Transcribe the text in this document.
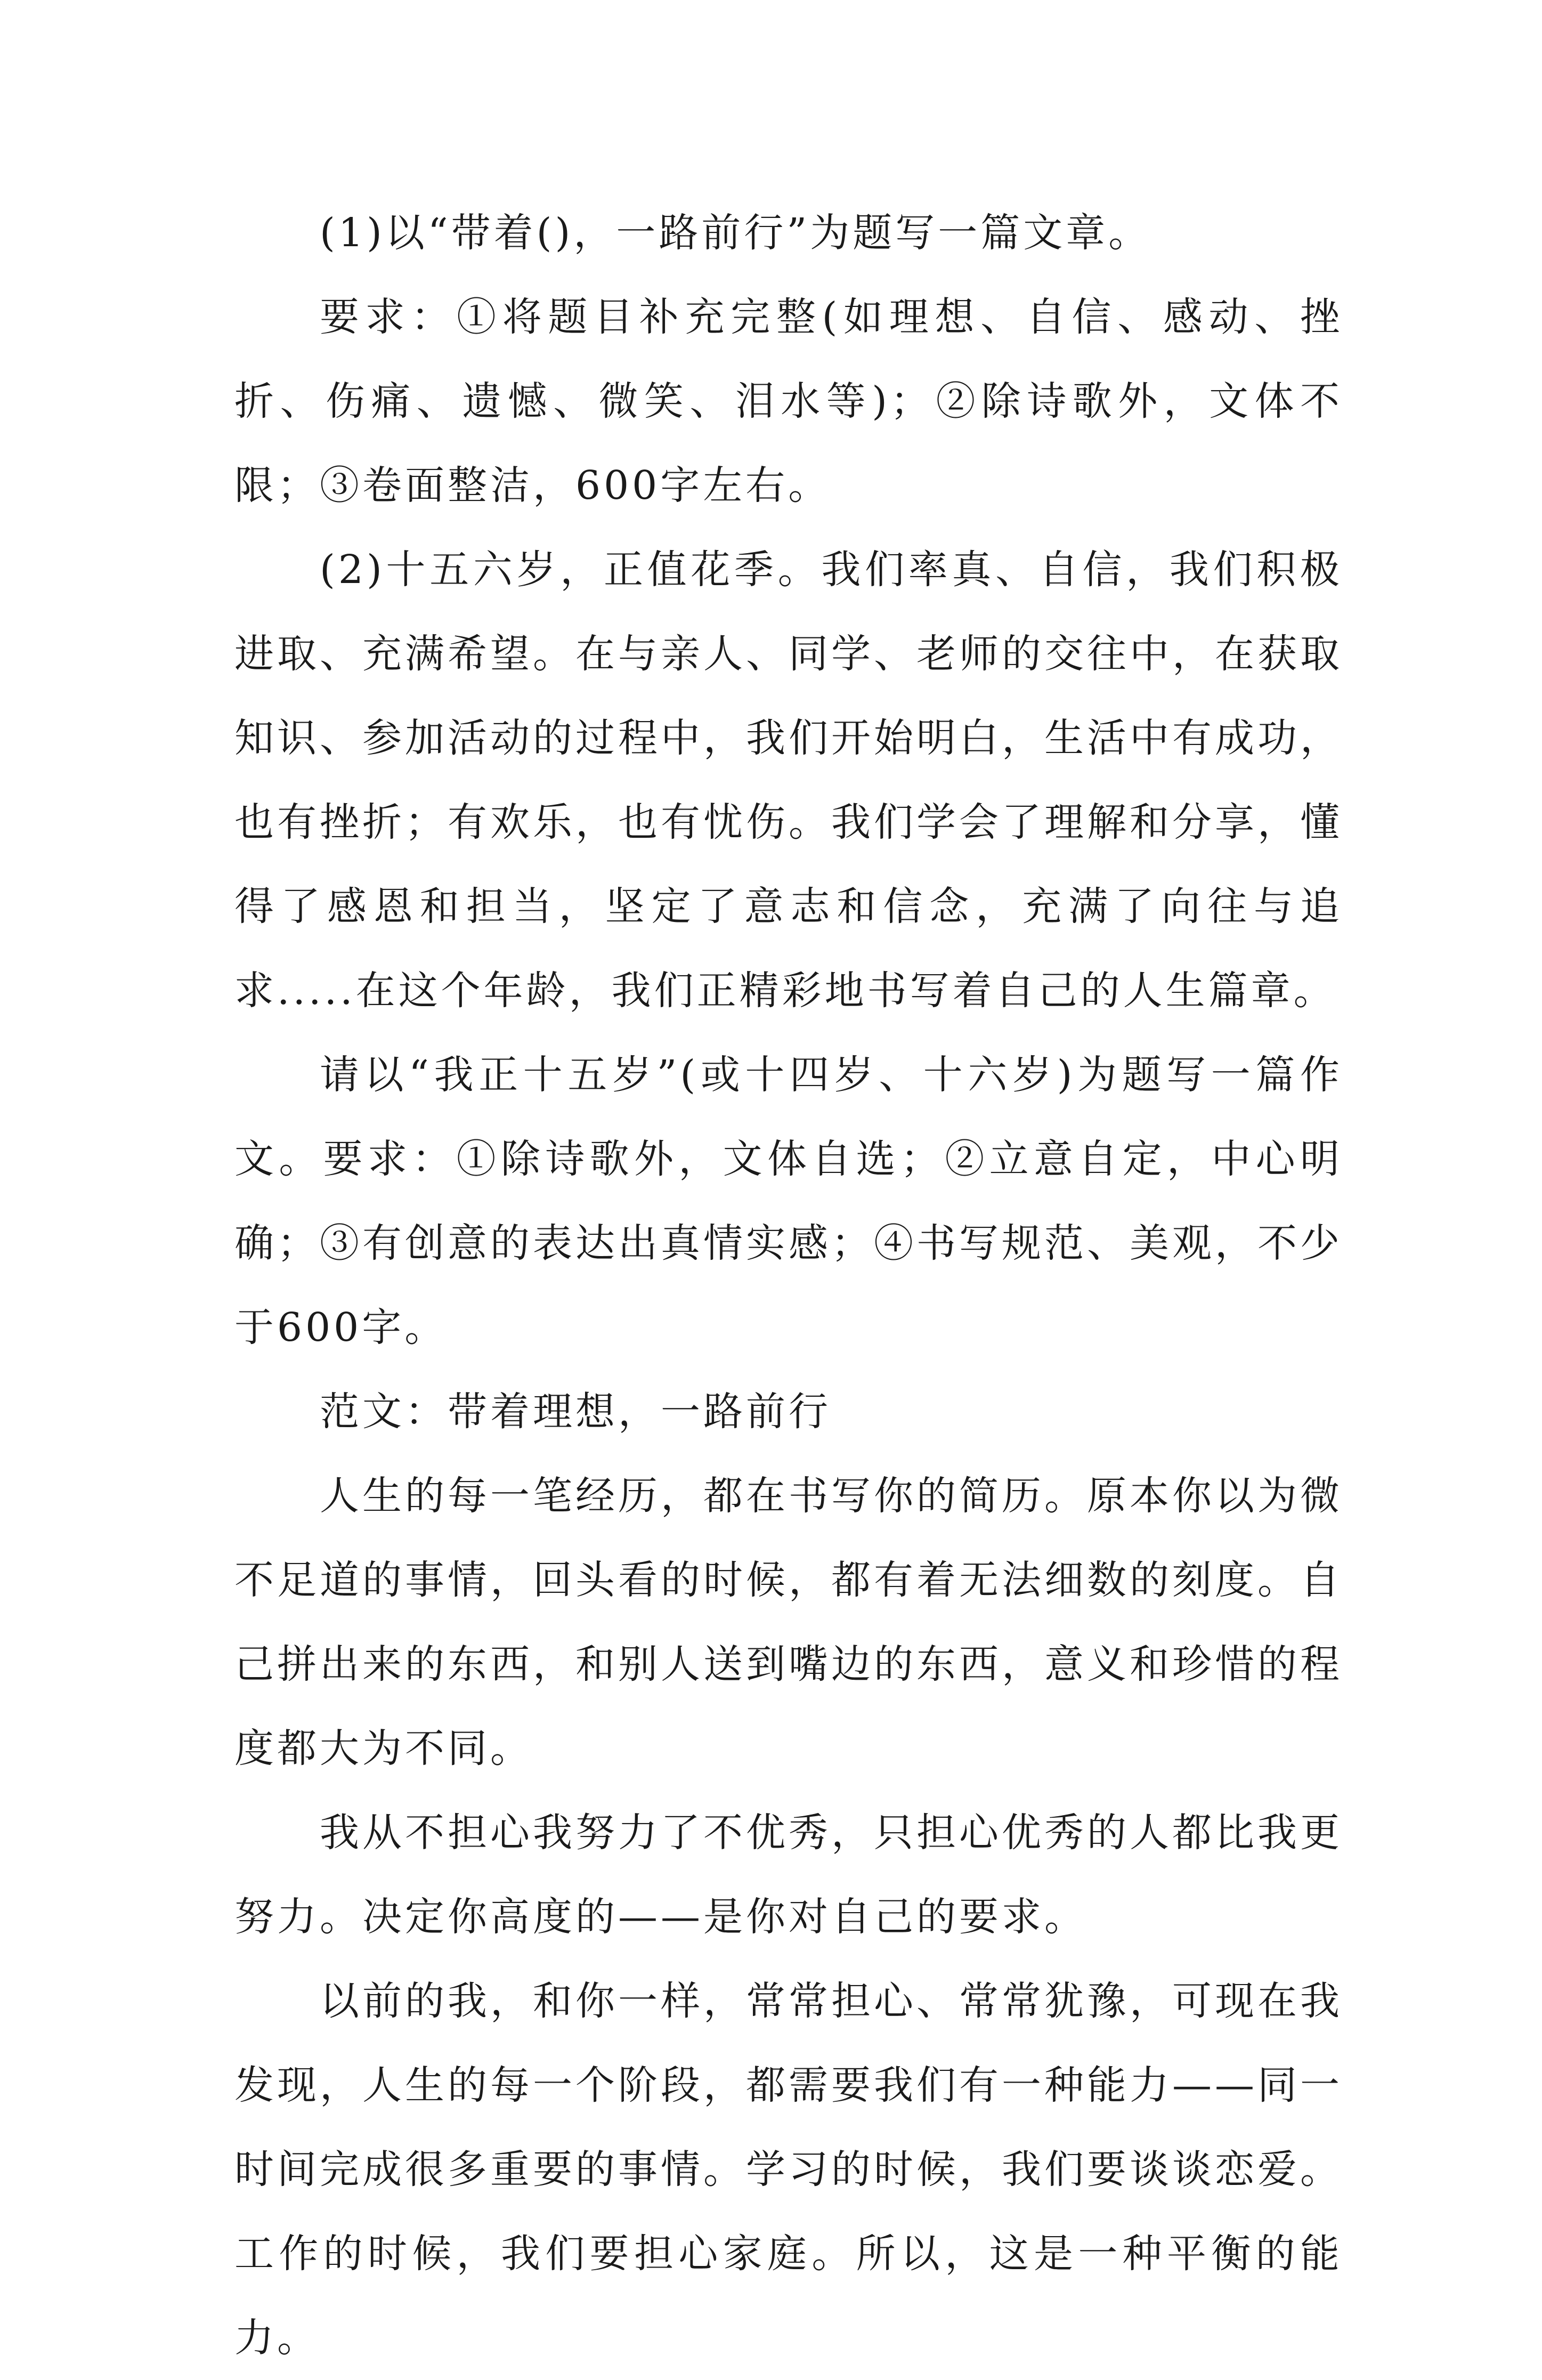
(1)以“带着()，一路前行”为题写一篇文章。

要求：①将题目补充完整(如理想、自信、感动、挫折、伤痛、遗憾、微笑、泪水等)；②除诗歌外，文体不限；③卷面整洁，600字左右。

(2)十五六岁，正值花季。我们率真、自信，我们积极进取、充满希望。在与亲人、同学、老师的交往中，在获取知识、参加活动的过程中，我们开始明白，生活中有成功，也有挫折；有欢乐，也有忧伤。我们学会了理解和分享，懂得了感恩和担当，坚定了意志和信念，充满了向往与追求.....在这个年龄，我们正精彩地书写着自己的人生篇章。

请以“我正十五岁”(或十四岁、十六岁)为题写一篇作文。要求：①除诗歌外，文体自选；②立意自定，中心明确；③有创意的表达出真情实感；④书写规范、美观，不少于600字。

范文：带着理想，一路前行

人生的每一笔经历，都在书写你的简历。原本你以为微不足道的事情，回头看的时候，都有着无法细数的刻度。自己拼出来的东西，和别人送到嘴边的东西，意义和珍惜的程度都大为不同。

我从不担心我努力了不优秀，只担心优秀的人都比我更努力。决定你高度的——是你对自己的要求。

以前的我，和你一样，常常担心、常常犹豫，可现在我发现，人生的每一个阶段，都需要我们有一种能力——同一时间完成很多重要的事情。学习的时候，我们要谈谈恋爱。工作的时候，我们要担心家庭。所以，这是一种平衡的能力。
